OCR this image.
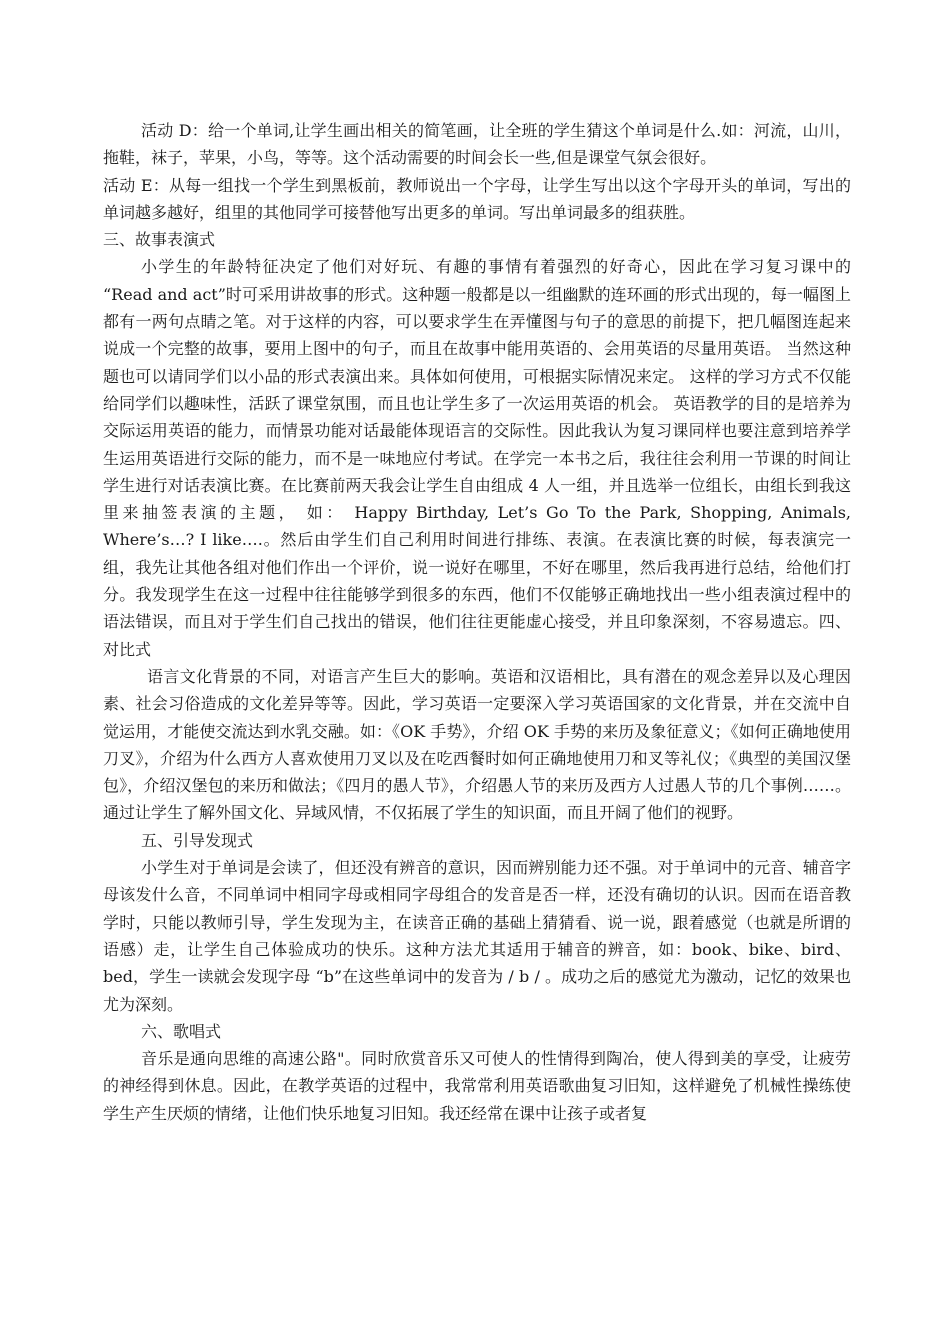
活动 D：给一个单词,让学生画出相关的简笔画，让全班的学生猜这个单词是什么.如：河流，山川，拖鞋，袜子，苹果，小鸟，等等。这个活动需要的时间会长一些,但是课堂气氛会很好。

活动 E：从每一组找一个学生到黑板前，教师说出一个字母，让学生写出以这个字母开头的单词，写出的单词越多越好，组里的其他同学可接替他写出更多的单词。写出单词最多的组获胜。

三、故事表演式

小学生的年龄特征决定了他们对好玩、有趣的事情有着强烈的好奇心，因此在学习复习课中的 “Read and act”时可采用讲故事的形式。这种题一般都是以一组幽默的连环画的形式出现的，每一幅图上都有一两句点睛之笔。对于这样的内容，可以要求学生在弄懂图与句子的意思的前提下，把几幅图连起来说成一个完整的故事，要用上图中的句子，而且在故事中能用英语的、会用英语的尽量用英语。 当然这种题也可以请同学们以小品的形式表演出来。具体如何使用，可根据实际情况来定。 这样的学习方式不仅能给同学们以趣味性，活跃了课堂氛围，而且也让学生多了一次运用英语的机会。 英语教学的目的是培养为交际运用英语的能力，而情景功能对话最能体现语言的交际性。因此我认为复习课同样也要注意到培养学生运用英语进行交际的能力，而不是一味地应付考试。在学完一本书之后，我往往会利用一节课的时间让学生进行对话表演比赛。在比赛前两天我会让学生自由组成 4 人一组，并且选举一位组长，由组长到我这里来抽签表演的主题， 如： Happy Birthday, Let’s Go To the Park, Shopping, Animals, Where’s…? I like….。然后由学生们自己利用时间进行排练、表演。在表演比赛的时候，每表演完一组，我先让其他各组对他们作出一个评价，说一说好在哪里，不好在哪里，然后我再进行总结，给他们打分。我发现学生在这一过程中往往能够学到很多的东西，他们不仅能够正确地找出一些小组表演过程中的语法错误，而且对于学生们自己找出的错误，他们往往更能虚心接受，并且印象深刻，不容易遗忘。四、对比式

语言文化背景的不同，对语言产生巨大的影响。英语和汉语相比，具有潜在的观念差异以及心理因素、社会习俗造成的文化差异等等。因此，学习英语一定要深入学习英语国家的文化背景，并在交流中自觉运用，才能使交流达到水乳交融。如：《OK 手势》，介绍 OK 手势的来历及象征意义；《如何正确地使用刀叉》，介绍为什么西方人喜欢使用刀叉以及在吃西餐时如何正确地使用刀和叉等礼仪；《典型的美国汉堡包》，介绍汉堡包的来历和做法；《四月的愚人节》，介绍愚人节的来历及西方人过愚人节的几个事例……。通过让学生了解外国文化、异域风情，不仅拓展了学生的知识面，而且开阔了他们的视野。

五、引导发现式

小学生对于单词是会读了，但还没有辨音的意识，因而辨别能力还不强。对于单词中的元音、辅音字母该发什么音，不同单词中相同字母或相同字母组合的发音是否一样，还没有确切的认识。因而在语音教学时，只能以教师引导，学生发现为主，在读音正确的基础上猜猜看、说一说，跟着感觉（也就是所谓的语感）走，让学生自己体验成功的快乐。这种方法尤其适用于辅音的辨音，如：book、bike、bird、bed，学生一读就会发现字母 “b”在这些单词中的发音为 / b / 。成功之后的感觉尤为激动，记忆的效果也尤为深刻。

六、歌唱式

音乐是通向思维的高速公路"。同时欣赏音乐又可使人的性情得到陶冶，使人得到美的享受，让疲劳的神经得到休息。因此，在教学英语的过程中，我常常利用英语歌曲复习旧知，这样避免了机械性操练使学生产生厌烦的情绪，让他们快乐地复习旧知。我还经常在课中让孩子或者复
